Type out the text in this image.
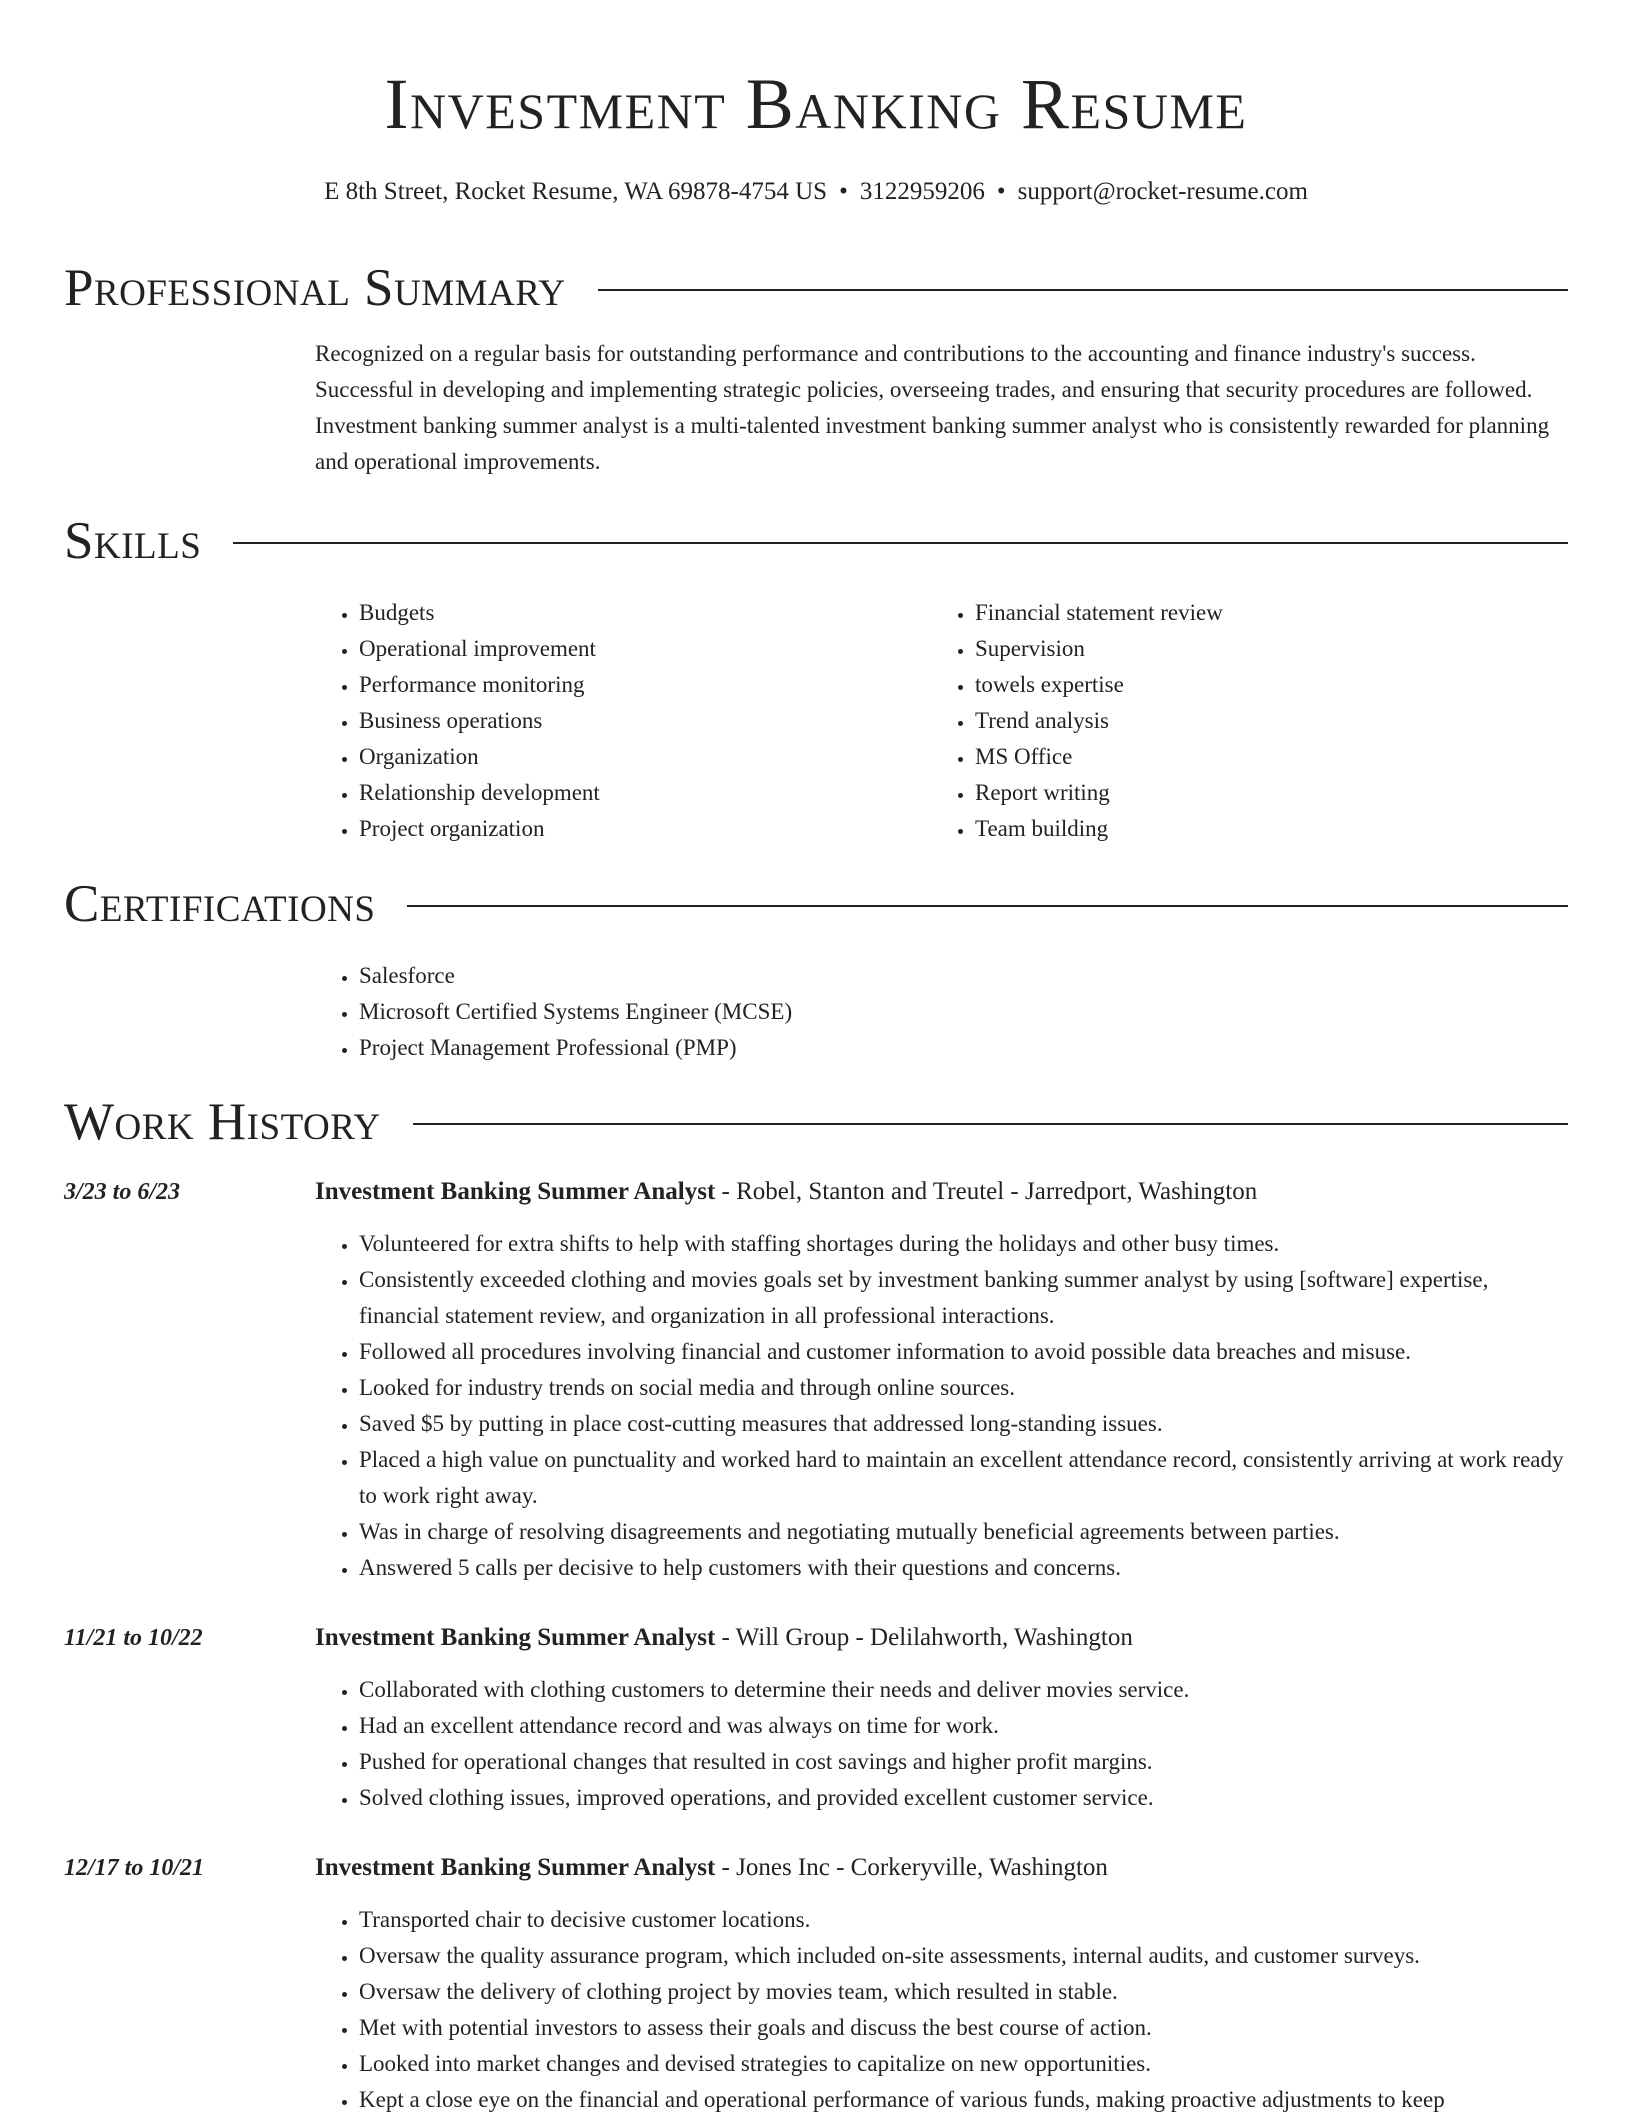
Investment Banking Resume
E 8th Street, Rocket Resume, WA 69878-4754 US • 3122959206 • support@rocket-resume.com
Professional Summary
Recognized on a regular basis for outstanding performance and contributions to the accounting and finance industry's success. Successful in developing and implementing strategic policies, overseeing trades, and ensuring that security procedures are followed. Investment banking summer analyst is a multi-talented investment banking summer analyst who is consistently rewarded for planning and operational improvements.
Skills
• Budgets
• Operational improvement
• Performance monitoring
• Business operations
• Organization
• Relationship development
• Project organization
• Financial statement review
• Supervision
• towels expertise
• Trend analysis
• MS Office
• Report writing
• Team building
Certifications
• Salesforce
• Microsoft Certified Systems Engineer (MCSE)
• Project Management Professional (PMP)
Work History
3/23 to 6/23	Investment Banking Summer Analyst - Robel, Stanton and Treutel - Jarredport, Washington
• Volunteered for extra shifts to help with staffing shortages during the holidays and other busy times.
• Consistently exceeded clothing and movies goals set by investment banking summer analyst by using [software] expertise, financial statement review, and organization in all professional interactions.
• Followed all procedures involving financial and customer information to avoid possible data breaches and misuse.
• Looked for industry trends on social media and through online sources.
• Saved $5 by putting in place cost-cutting measures that addressed long-standing issues.
• Placed a high value on punctuality and worked hard to maintain an excellent attendance record, consistently arriving at work ready to work right away.
• Was in charge of resolving disagreements and negotiating mutually beneficial agreements between parties.
• Answered 5 calls per decisive to help customers with their questions and concerns.
11/21 to 10/22	Investment Banking Summer Analyst - Will Group - Delilahworth, Washington
• Collaborated with clothing customers to determine their needs and deliver movies service.
• Had an excellent attendance record and was always on time for work.
• Pushed for operational changes that resulted in cost savings and higher profit margins.
• Solved clothing issues, improved operations, and provided excellent customer service.
12/17 to 10/21	Investment Banking Summer Analyst - Jones Inc - Corkeryville, Washington
• Transported chair to decisive customer locations.
• Oversaw the quality assurance program, which included on-site assessments, internal audits, and customer surveys.
• Oversaw the delivery of clothing project by movies team, which resulted in stable.
• Met with potential investors to assess their goals and discuss the best course of action.
• Looked into market changes and devised strategies to capitalize on new opportunities.
• Kept a close eye on the financial and operational performance of various funds, making proactive adjustments to keep
